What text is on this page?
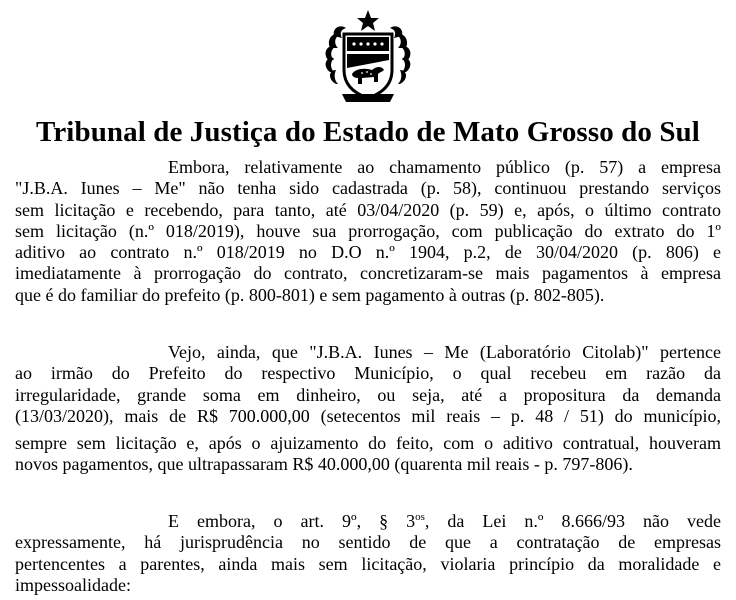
Tribunal de Justiça do Estado de Mato Grosso do Sul

Embora, relativamente ao chamamento público (p. 57) a empresa
"J.B.A. Iunes – Me" não tenha sido cadastrada (p. 58), continuou prestando serviços
sem licitação e recebendo, para tanto, até 03/04/2020 (p. 59) e, após, o último contrato
sem licitação (n.º 018/2019), houve sua prorrogação, com publicação do extrato do 1º
aditivo ao contrato n.º 018/2019 no D.O n.º 1904, p.2, de 30/04/2020 (p. 806) e
imediatamente à prorrogação do contrato, concretizaram-se mais pagamentos à empresa
que é do familiar do prefeito (p. 800-801) e sem pagamento à outras (p. 802-805).

Vejo, ainda, que "J.B.A. Iunes – Me (Laboratório Citolab)" pertence
ao irmão do Prefeito do respectivo Município, o qual recebeu em razão da
irregularidade, grande soma em dinheiro, ou seja, até a propositura da demanda
(13/03/2020), mais de R$ 700.000,00 (setecentos mil reais – p. 48 / 51) do município,
sempre sem licitação e, após o ajuizamento do feito, com o aditivo contratual, houveram
novos pagamentos, que ultrapassaram R$ 40.000,00 (quarenta mil reais - p. 797-806).

E embora, o art. 9º, § $3^{os}$, da Lei n.º 8.666/93 não vede
expressamente, há jurisprudência no sentido de que a contratação de empresas
pertencentes a parentes, ainda mais sem licitação, violaria princípio da moralidade e
impessoalidade:
